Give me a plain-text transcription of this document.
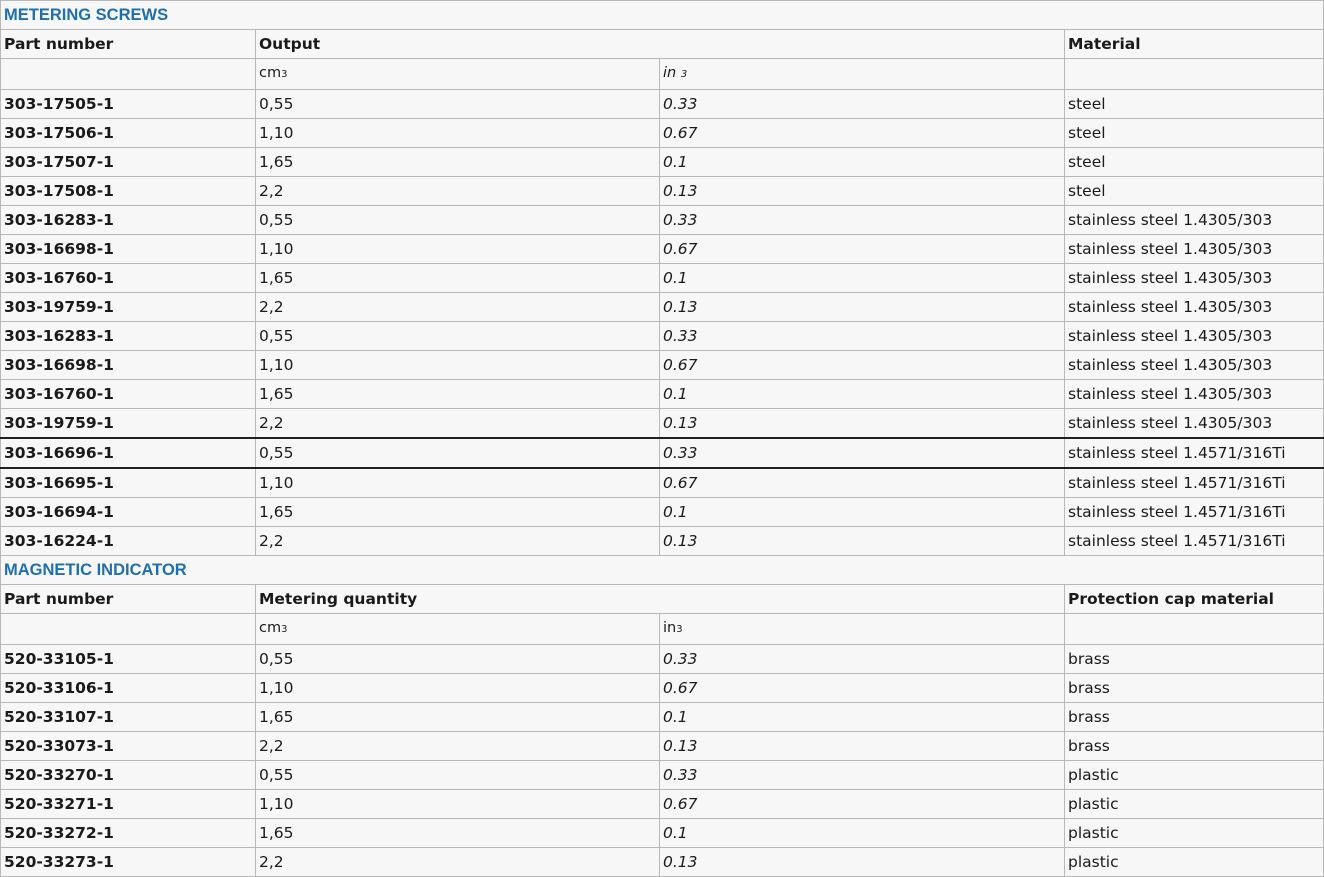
METERING SCREWS			
Part number	Output		Material
	cm3	in 3	
303-17505-1	0,55	0.33	steel
303-17506-1	1,10	0.67	steel
303-17507-1	1,65	0.1	steel
303-17508-1	2,2	0.13	steel
303-16283-1	0,55	0.33	stainless steel 1.4305/303
303-16698-1	1,10	0.67	stainless steel 1.4305/303
303-16760-1	1,65	0.1	stainless steel 1.4305/303
303-19759-1	2,2	0.13	stainless steel 1.4305/303
303-16283-1	0,55	0.33	stainless steel 1.4305/303
303-16698-1	1,10	0.67	stainless steel 1.4305/303
303-16760-1	1,65	0.1	stainless steel 1.4305/303
303-19759-1	2,2	0.13	stainless steel 1.4305/303
303-16696-1	0,55	0.33	stainless steel 1.4571/316Ti
303-16695-1	1,10	0.67	stainless steel 1.4571/316Ti
303-16694-1	1,65	0.1	stainless steel 1.4571/316Ti
303-16224-1	2,2	0.13	stainless steel 1.4571/316Ti
MAGNETIC INDICATOR			
Part number	Metering quantity		Protection cap material
	cm3	in3	
520-33105-1	0,55	0.33	brass
520-33106-1	1,10	0.67	brass
520-33107-1	1,65	0.1	brass
520-33073-1	2,2	0.13	brass
520-33270-1	0,55	0.33	plastic
520-33271-1	1,10	0.67	plastic
520-33272-1	1,65	0.1	plastic
520-33273-1	2,2	0.13	plastic
